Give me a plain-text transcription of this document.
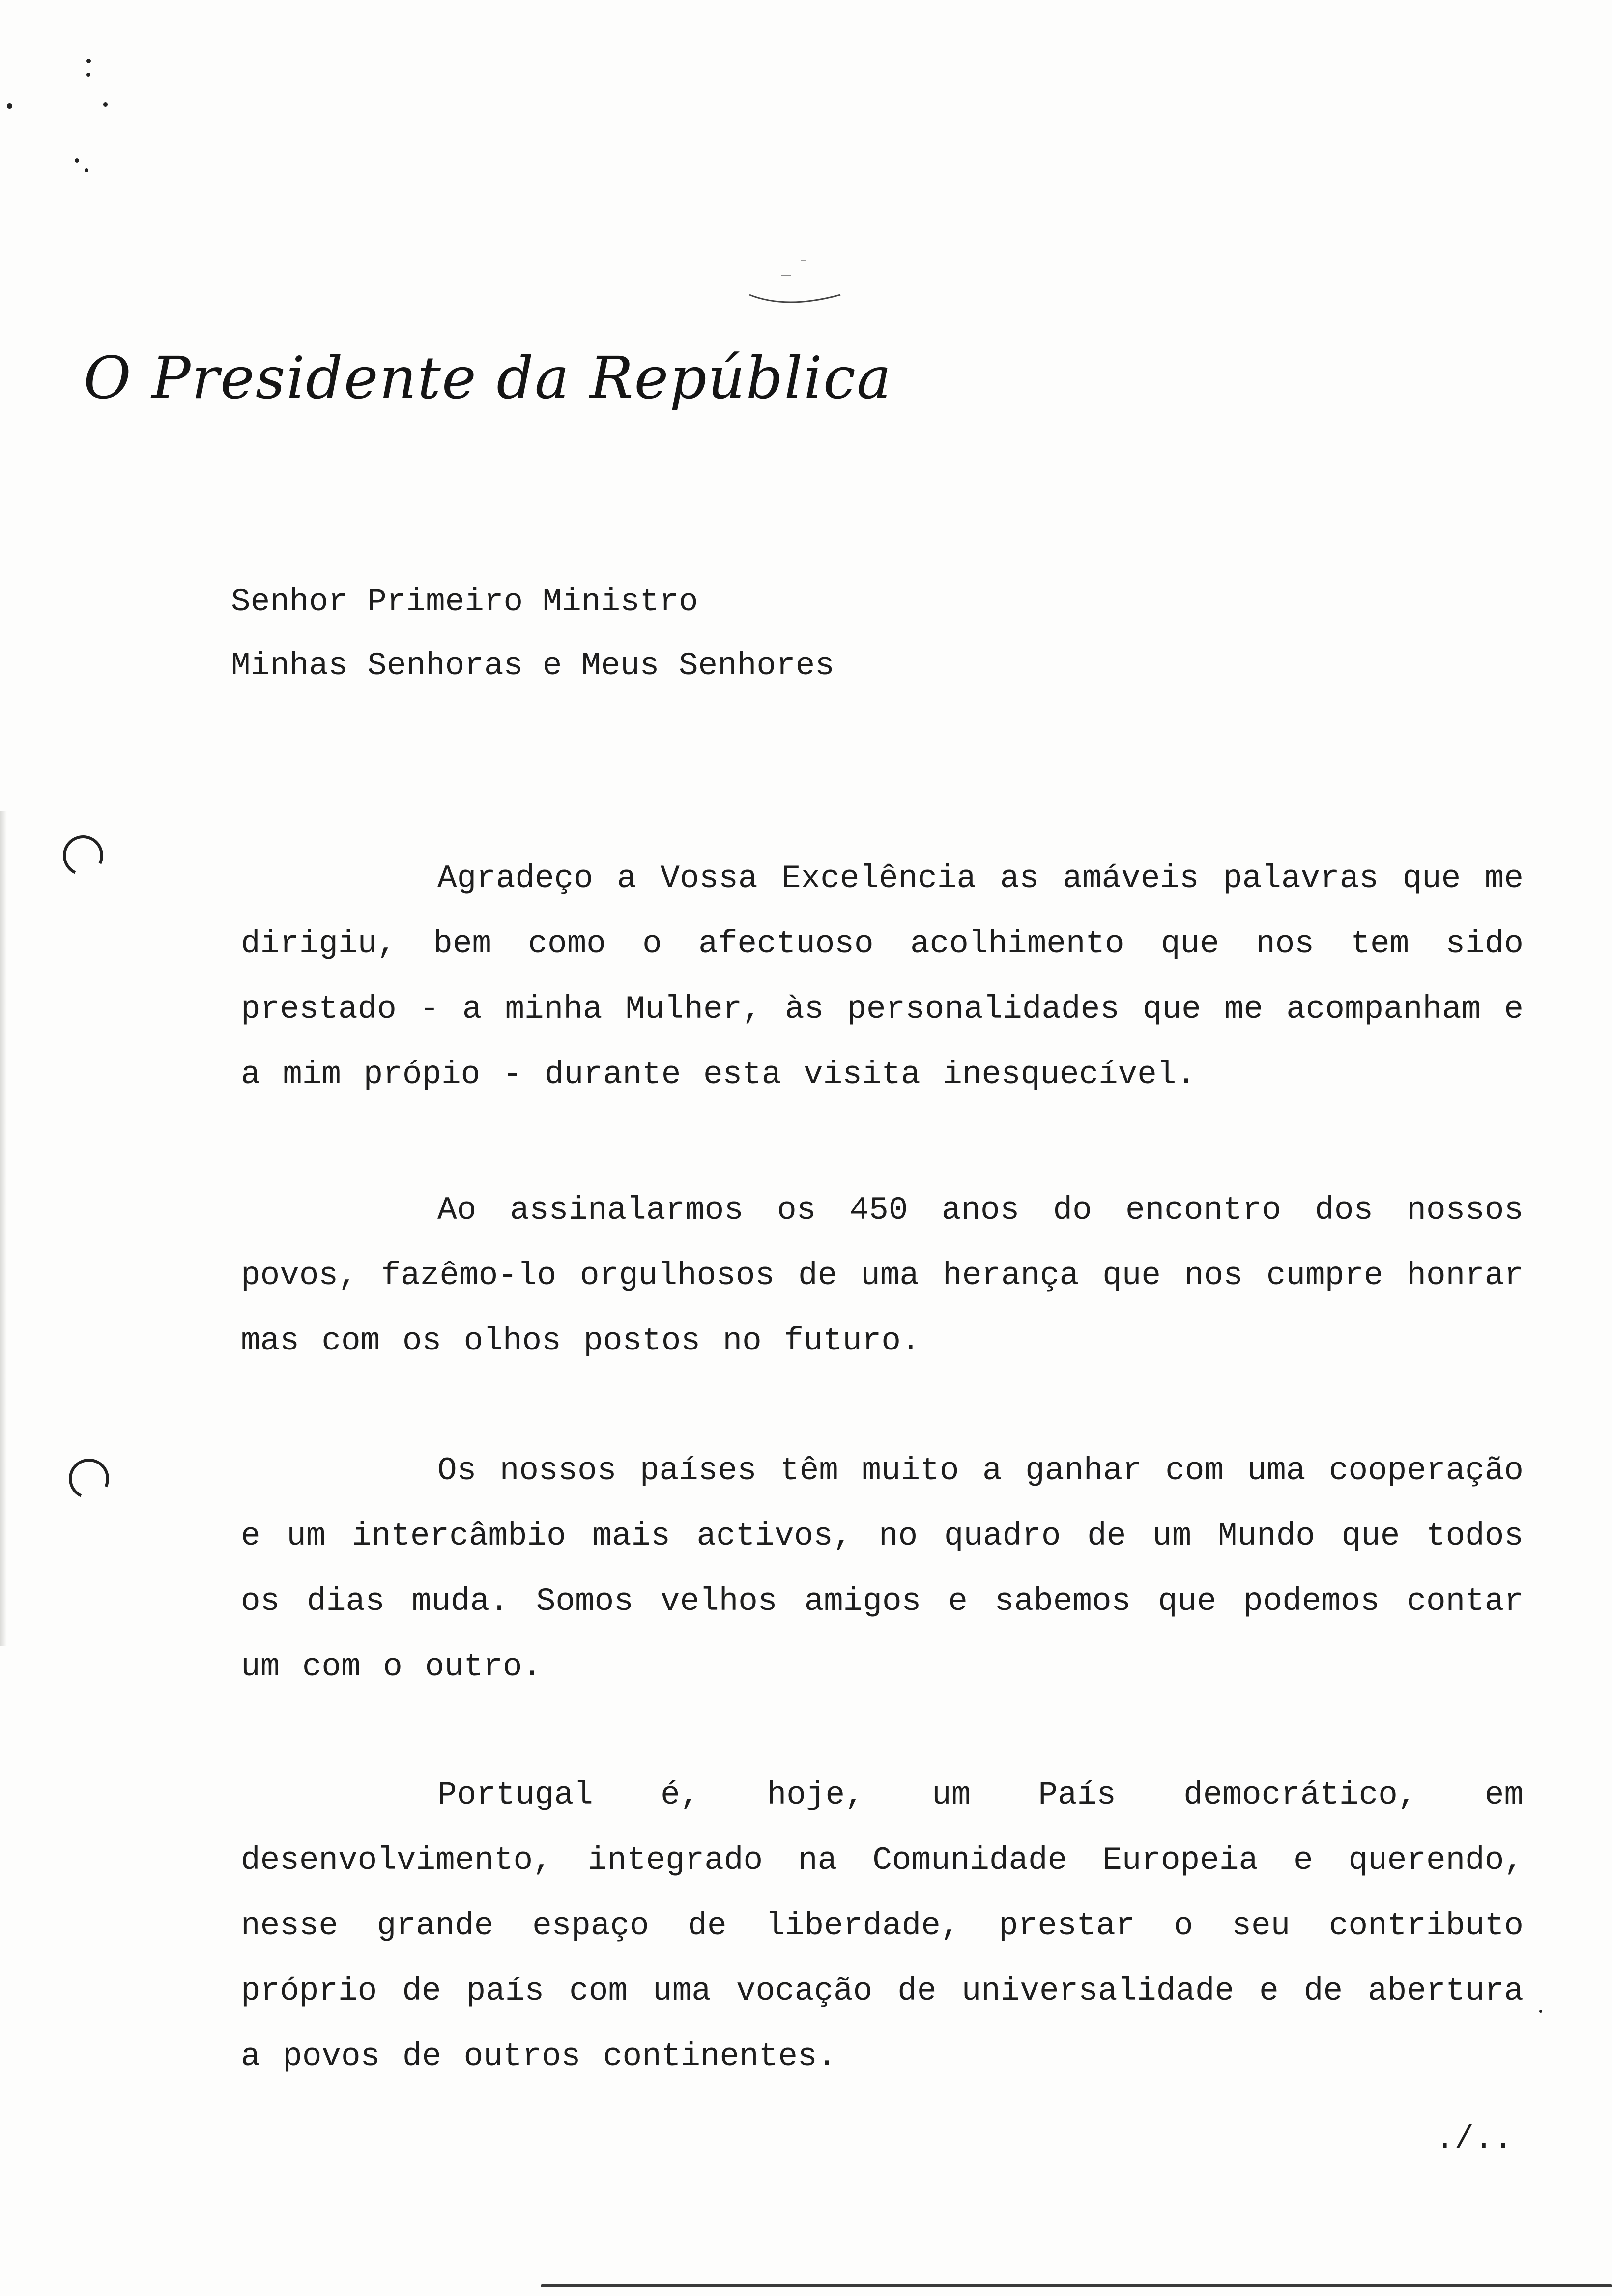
O Presidente da República
Senhor Primeiro Ministro
Minhas Senhoras e Meus Senhores

Agradeço a Vossa Excelência as amáveis palavras que me dirigiu, bem como o afectuoso acolhimento que nos tem sido prestado - a minha Mulher, às personalidades que me acompanham e a mim própio - durante esta visita inesquecível.

Ao assinalarmos os 450 anos do encontro dos nossos povos, fazêmo-lo orgulhosos de uma herança que nos cumpre honrar mas com os olhos postos no futuro.

Os nossos países têm muito a ganhar com uma cooperação e um intercâmbio mais activos, no quadro de um Mundo que todos os dias muda. Somos velhos amigos e sabemos que podemos contar um com o outro.

Portugal é, hoje, um País democrático, em desenvolvimento, integrado na Comunidade Europeia e querendo, nesse grande espaço de liberdade, prestar o seu contributo próprio de país com uma vocação de universalidade e de abertura a povos de outros continentes.

./..
